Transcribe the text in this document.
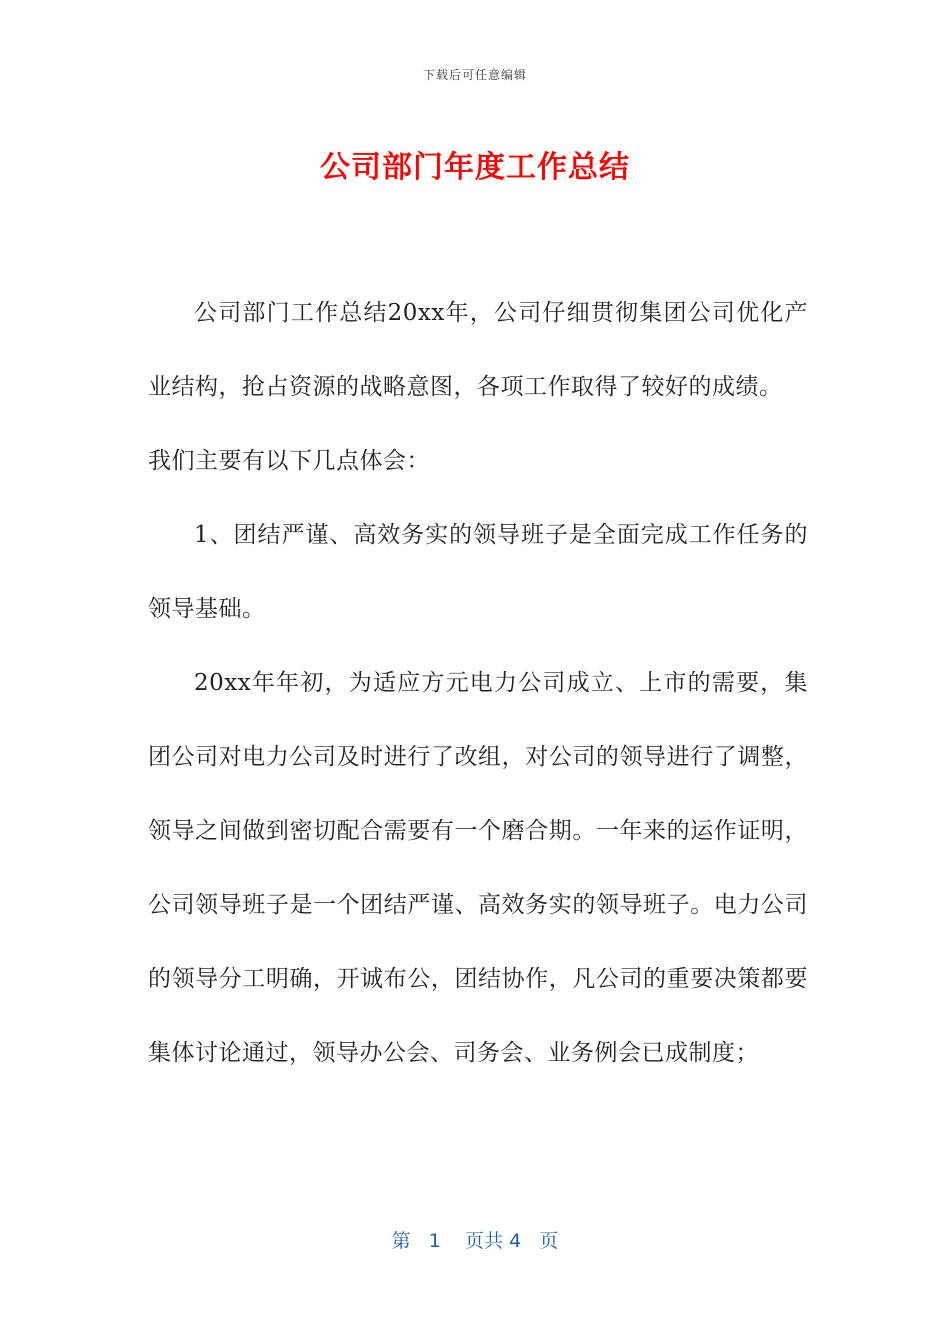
下载后可任意编辑
公司部门年度工作总结

公司部门工作总结20xx年，公司仔细贯彻集团公司优化产业结构，抢占资源的战略意图，各项工作取得了较好的成绩。

我们主要有以下几点体会：

1、团结严谨、高效务实的领导班子是全面完成工作任务的领导基础。

20xx年年初，为适应方元电力公司成立、上市的需要，集团公司对电力公司及时进行了改组，对公司的领导进行了调整，领导之间做到密切配合需要有一个磨合期。一年来的运作证明，公司领导班子是一个团结严谨、高效务实的领导班子。电力公司的领导分工明确，开诚布公，团结协作，凡公司的重要决策都要集体讨论通过，领导办公会、司务会、业务例会已成制度；

第 1 页共 4 页
